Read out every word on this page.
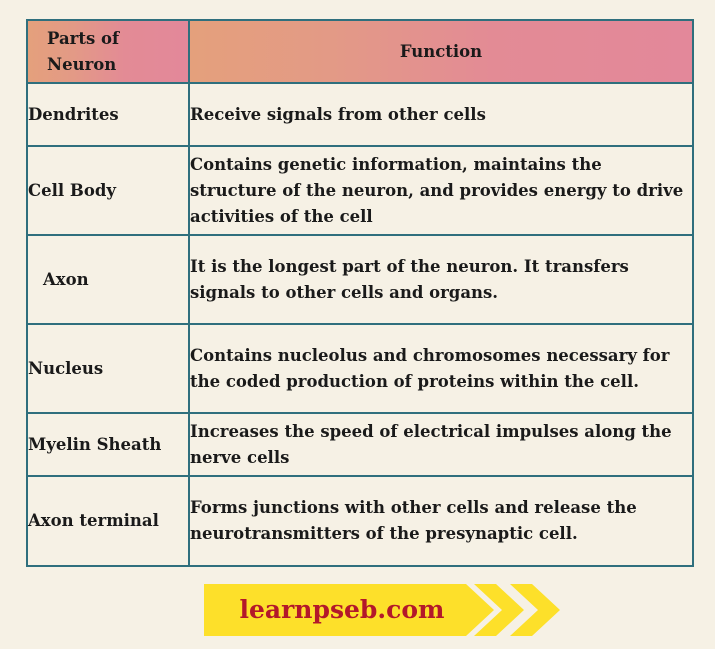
Parts of Neuron	Function
Dendrites	Receive signals from other cells
Cell Body	Contains genetic information, maintains the structure of the neuron, and provides energy to drive activities of the cell
Axon	It is the longest part of the neuron. It transfers signals to other cells and organs.
Nucleus	Contains nucleolus and chromosomes necessary for the coded production of proteins within the cell.
Myelin Sheath	Increases the speed of electrical impulses along the nerve cells
Axon terminal	Forms junctions with other cells and release the neurotransmitters of the presynaptic cell.
learnpseb.com
